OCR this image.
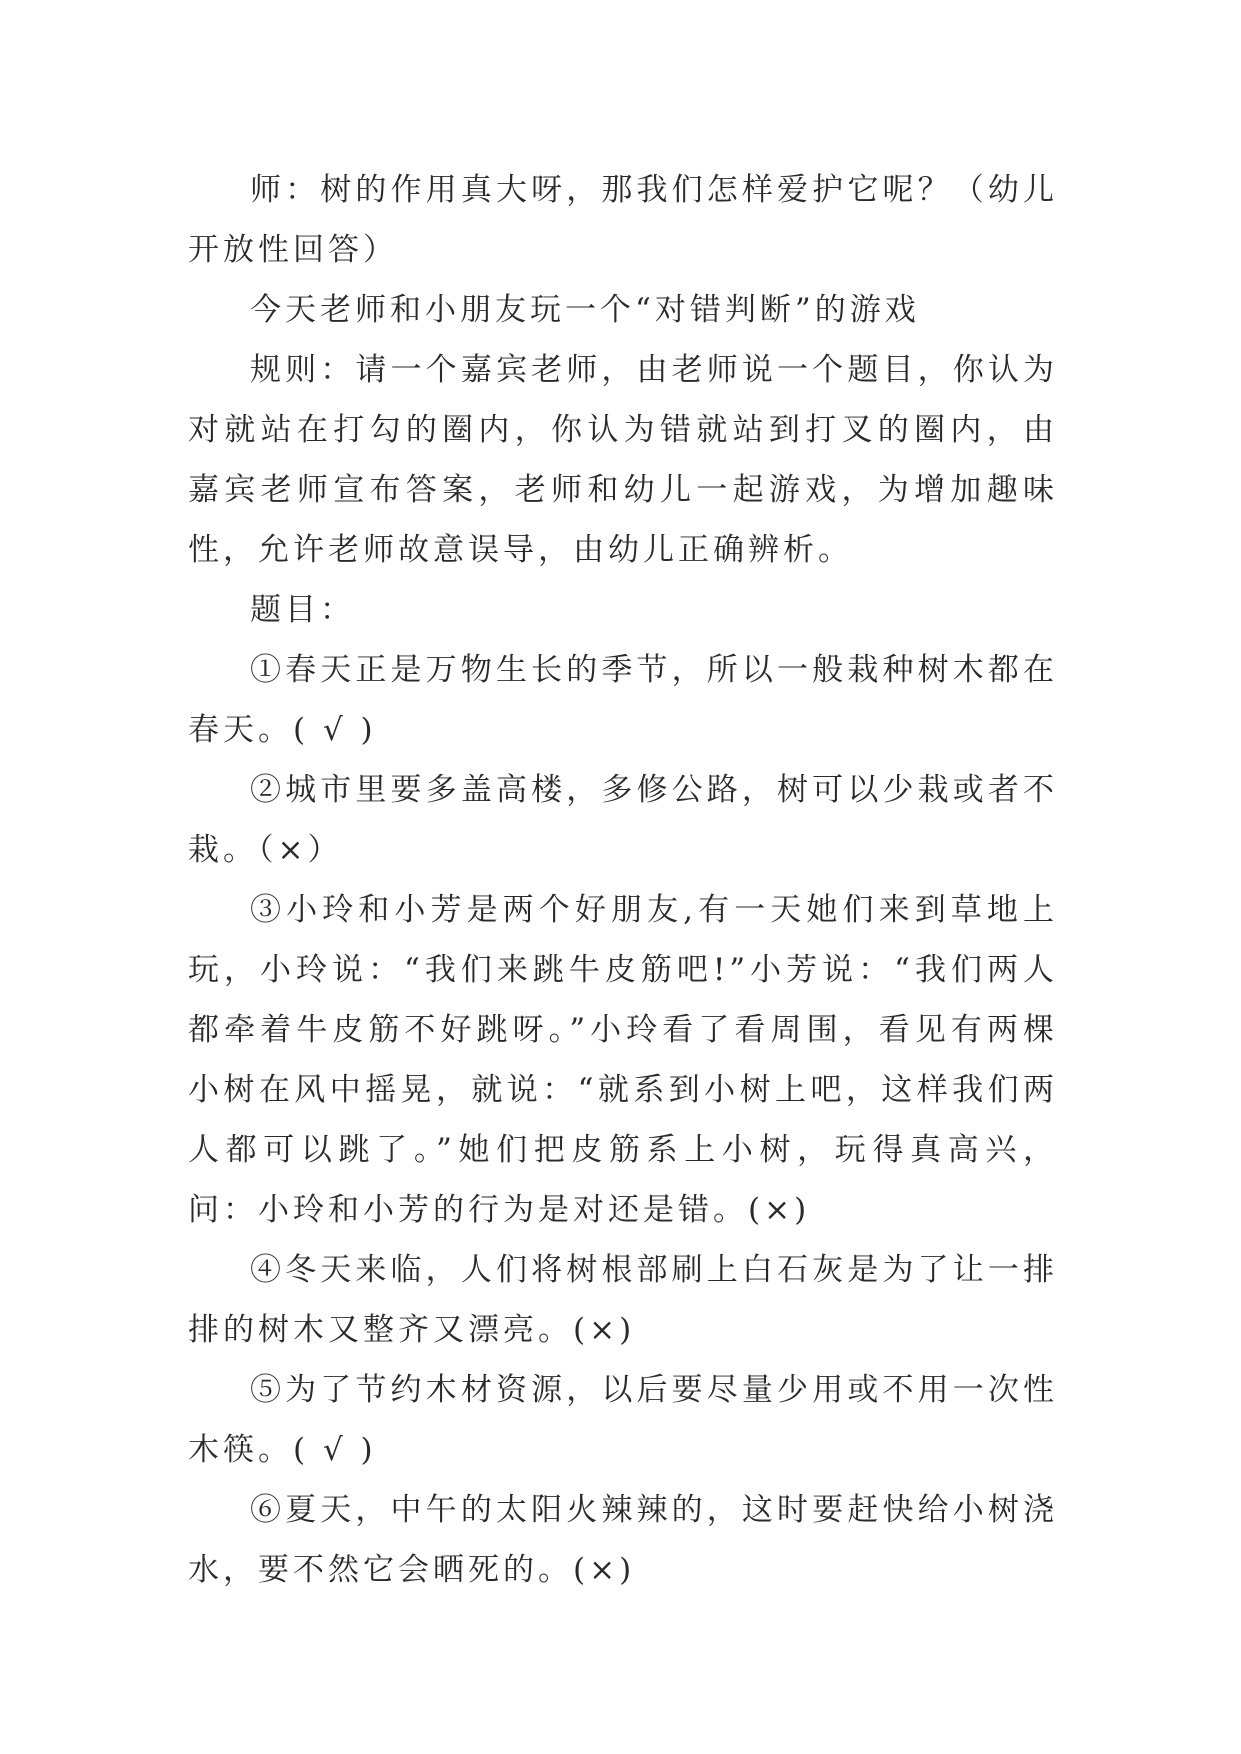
师：树的作用真大呀，那我们怎样爱护它呢？（幼儿开放性回答）

今天老师和小朋友玩一个“对错判断”的游戏

规则：请一个嘉宾老师，由老师说一个题目，你认为对就站在打勾的圈内，你认为错就站到打叉的圈内，由嘉宾老师宣布答案，老师和幼儿一起游戏，为增加趣味性，允许老师故意误导，由幼儿正确辨析。

题目：

①春天正是万物生长的季节，所以一般栽种树木都在春天。( √ )

②城市里要多盖高楼，多修公路，树可以少栽或者不栽。（×）

③小玲和小芳是两个好朋友,有一天她们来到草地上玩，小玲说：“我们来跳牛皮筋吧!”小芳说：“我们两人都牵着牛皮筋不好跳呀。”小玲看了看周围，看见有两棵小树在风中摇晃，就说：“就系到小树上吧，这样我们两人都可以跳了。”她们把皮筋系上小树，玩得真高兴，问：小玲和小芳的行为是对还是错。(×)

④冬天来临，人们将树根部刷上白石灰是为了让一排排的树木又整齐又漂亮。(×)

⑤为了节约木材资源，以后要尽量少用或不用一次性木筷。( √ )

⑥夏天，中午的太阳火辣辣的，这时要赶快给小树浇水，要不然它会晒死的。(×)
